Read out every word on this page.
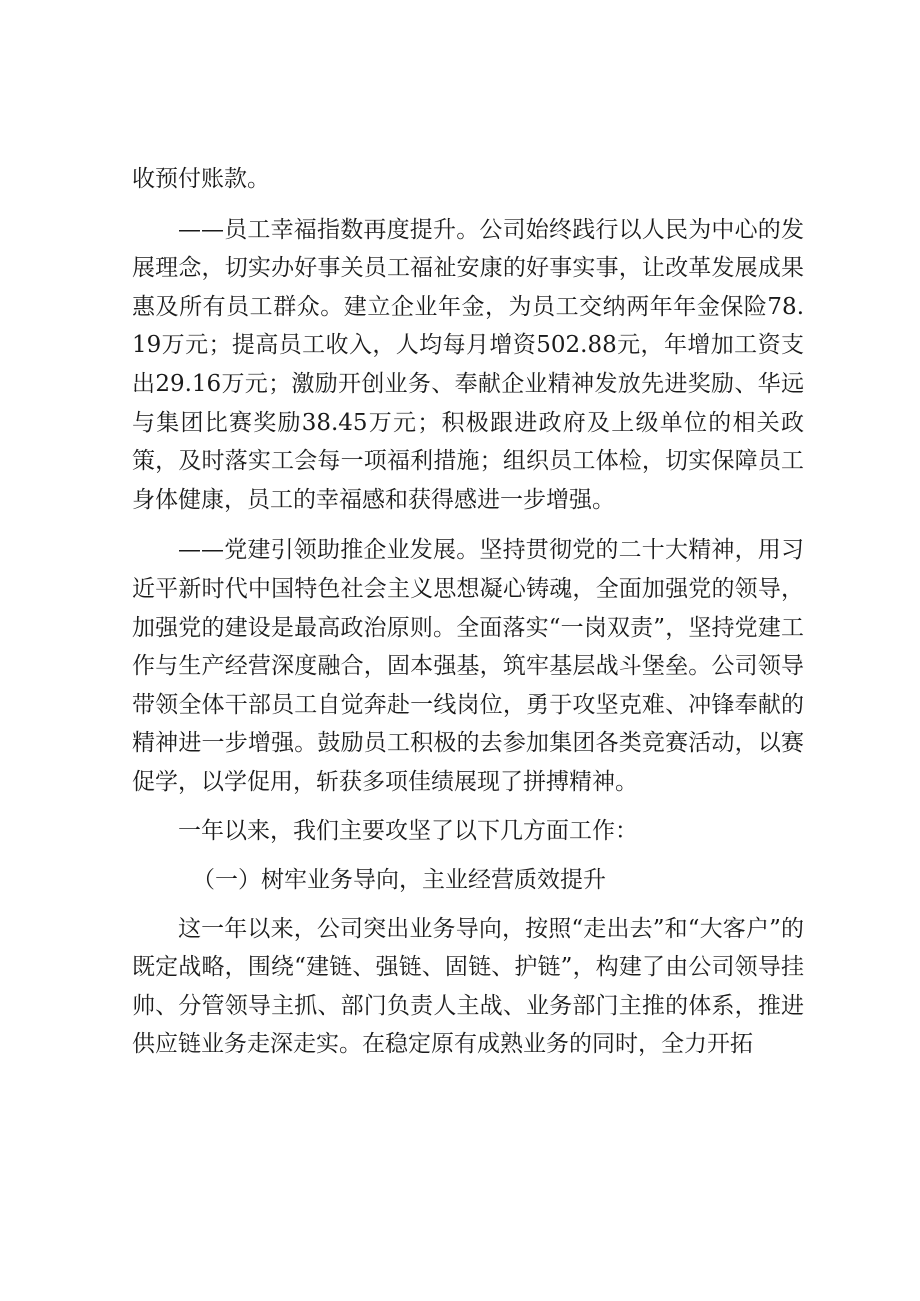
收预付账款。

——员工幸福指数再度提升。公司始终践行以人民为中心的发展理念，切实办好事关员工福祉安康的好事实事，让改革发展成果惠及所有员工群众。建立企业年金，为员工交纳两年年金保险78.19万元；提高员工收入，人均每月增资502.88元，年增加工资支出29.16万元；激励开创业务、奉献企业精神发放先进奖励、华远与集团比赛奖励38.45万元；积极跟进政府及上级单位的相关政策，及时落实工会每一项福利措施；组织员工体检，切实保障员工身体健康，员工的幸福感和获得感进一步增强。

——党建引领助推企业发展。坚持贯彻党的二十大精神，用习近平新时代中国特色社会主义思想凝心铸魂，全面加强党的领导，加强党的建设是最高政治原则。全面落实“一岗双责”，坚持党建工作与生产经营深度融合，固本强基，筑牢基层战斗堡垒。公司领导带领全体干部员工自觉奔赴一线岗位，勇于攻坚克难、冲锋奉献的精神进一步增强。鼓励员工积极的去参加集团各类竞赛活动，以赛促学，以学促用，斩获多项佳绩展现了拼搏精神。

一年以来，我们主要攻坚了以下几方面工作：

（一）树牢业务导向，主业经营质效提升

这一年以来，公司突出业务导向，按照“走出去”和“大客户”的既定战略，围绕“建链、强链、固链、护链”，构建了由公司领导挂帅、分管领导主抓、部门负责人主战、业务部门主推的体系，推进供应链业务走深走实。在稳定原有成熟业务的同时，全力开拓
